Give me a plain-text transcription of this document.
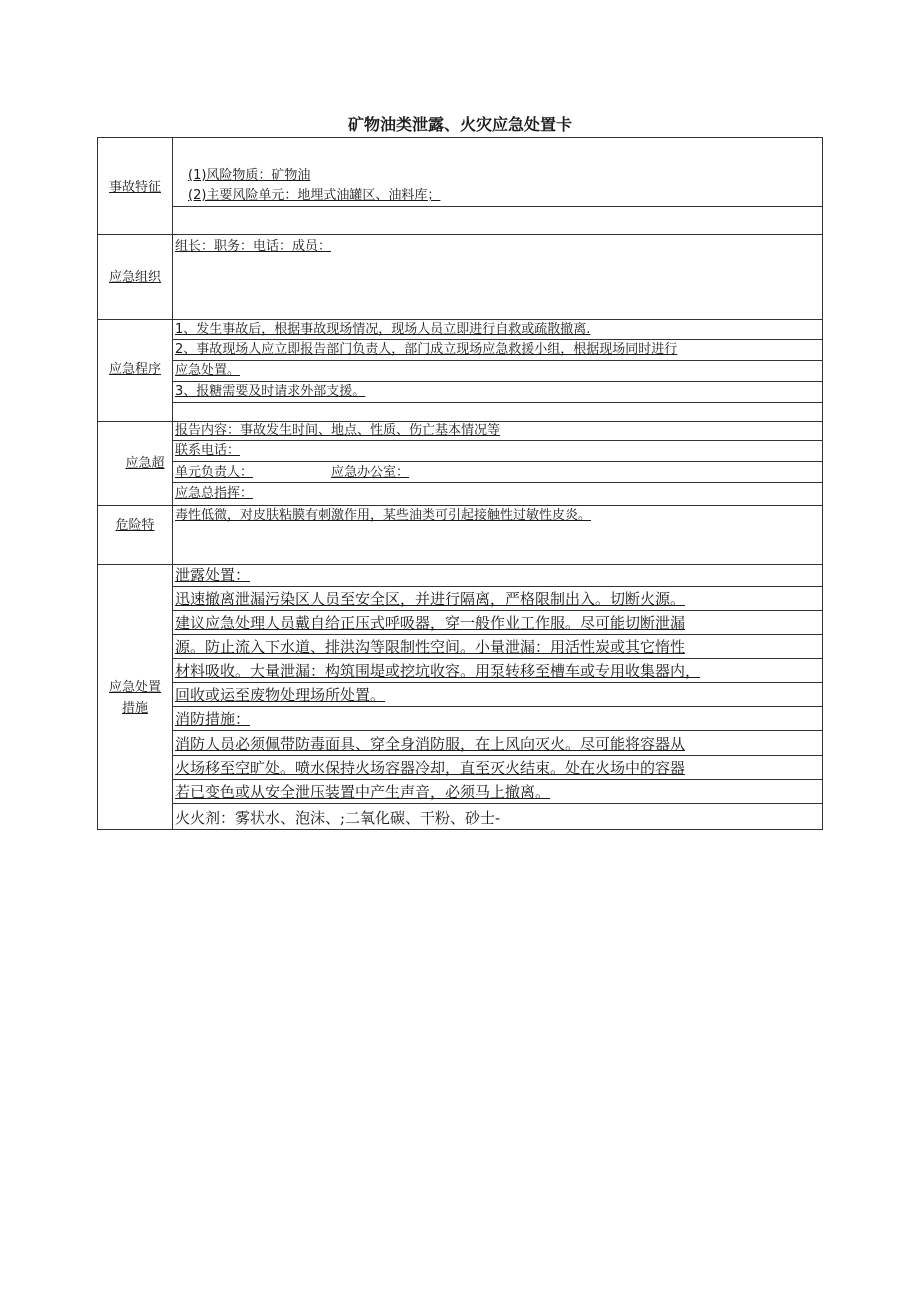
矿物油类泄露、火灾应急处置卡
事故特征
(1)风险物质：矿物油
(2)主要风险单元：地埋式油罐区、油料库；
应急组织
组长：职务：电话：成员：
应急程序
1、发生事故后，根据事故现场情况，现场人员立即进行自救或疏散撤离.
2、事故现场人应立即报告部门负责人，部门成立现场应急救援小组，根据现场同时进行
应急处置。
3、报糖需要及时请求外部支援。
应急超
报告内容：事故发生时间、地点、性质、伤亡基本情况等
联系电话：
单元负责人：	应急办公室：
应急总指挥：
危险特
毒性低微，对皮肤粘膜有刺激作用，某些油类可引起接触性过敏性皮炎。
应急处置
措施
泄露处置：
迅速撤离泄漏污染区人员至安全区，并进行隔离，严格限制出入。切断火源。
建议应急处理人员戴自给正压式呼吸器，穿一般作业工作服。尽可能切断泄漏
源。防止流入下水道、排洪沟等限制性空间。小量泄漏：用活性炭或其它惰性
材料吸收。大量泄漏：构筑围堤或挖坑收容。用泵转移至槽车或专用收集器内，
回收或运至废物处理场所处置。
消防措施：
消防人员必须佩带防毒面具、穿全身消防服，在上风向灭火。尽可能将容器从
火场移至空旷处。喷水保持火场容器冷却，直至灭火结束。处在火场中的容器
若已变色或从安全泄压装置中产生声音，必须马上撤离。
火火剂：雾状水、泡沫、;二氧化碳、干粉、砂士-
